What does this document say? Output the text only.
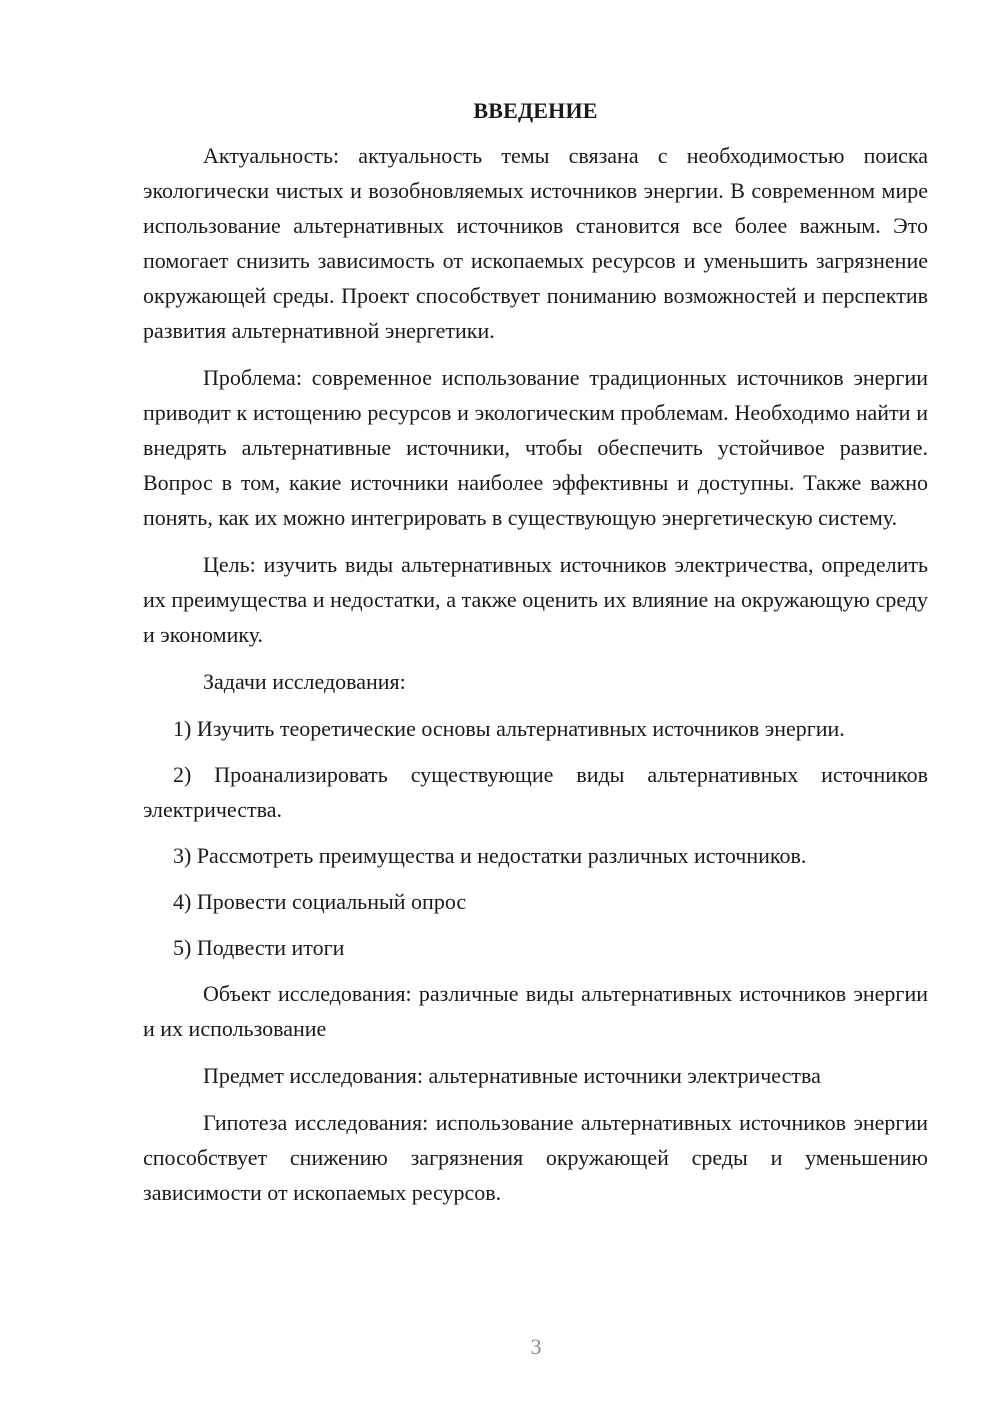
ВВЕДЕНИЕ

Актуальность: актуальность темы связана с необходимостью поиска экологически чистых и возобновляемых источников энергии. В современном мире использование альтернативных источников становится все более важным. Это помогает снизить зависимость от ископаемых ресурсов и уменьшить загрязнение окружающей среды. Проект способствует пониманию возможностей и перспектив развития альтернативной энергетики.

Проблема: современное использование традиционных источников энергии приводит к истощению ресурсов и экологическим проблемам. Необходимо найти и внедрять альтернативные источники, чтобы обеспечить устойчивое развитие. Вопрос в том, какие источники наиболее эффективны и доступны. Также важно понять, как их можно интегрировать в существующую энергетическую систему.

Цель: изучить виды альтернативных источников электричества, определить их преимущества и недостатки, а также оценить их влияние на окружающую среду и экономику.

Задачи исследования:

1) Изучить теоретические основы альтернативных источников энергии.

2) Проанализировать существующие виды альтернативных источников электричества.

3) Рассмотреть преимущества и недостатки различных источников.

4) Провести социальный опрос

5) Подвести итоги

Объект исследования: различные виды альтернативных источников энергии и их использование

Предмет исследования: альтернативные источники электричества

Гипотеза исследования: использование альтернативных источников энергии способствует снижению загрязнения окружающей среды и уменьшению зависимости от ископаемых ресурсов.

3
